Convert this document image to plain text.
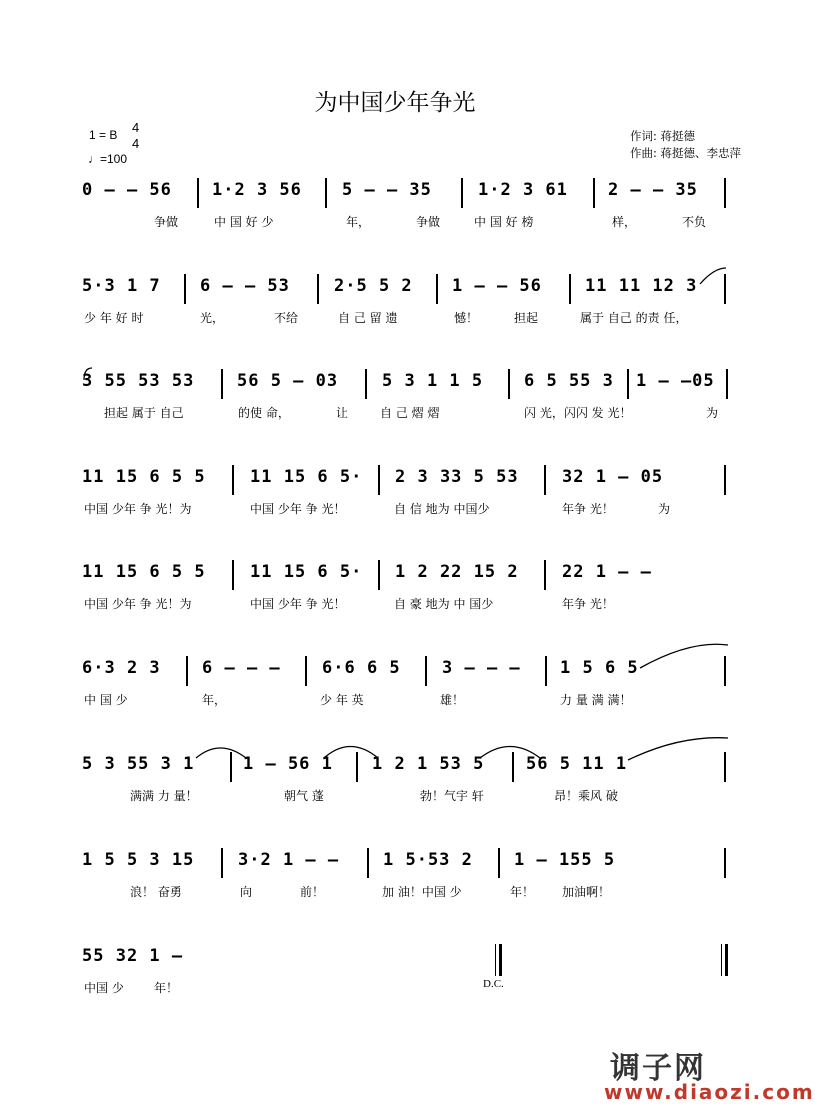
为中国少年争光
1 = B 4
4
♩=100
作词: 蒋挺德
作曲: 蒋挺德、李忠萍
0 – – 56 1·2 3 56 5 – – 35	1·2 3 61 2 – – 35
争做	中 国 好 少	年，	争做	中 国 好 榜	样，	不负
5·3 1 7 6 – – 53	2·5 5 2 1 – – 56	11 11 12 3
少 年 好 时	光，	不给	自 己 留 遗	憾！	担起	属于 自己 的责 任，
3 55 53 53	56 5 – 03	5 3 1 1 5 6 5 55 3 1 – –05
担起 属于 自己	的使 命，	让	自 己 熠 熠	闪 光，闪闪 发 光！	为
11 15 6 5 5	11 15 6 5· 2 3 33 5 53	32 1 – 05
中国 少年 争 光！为	中国 少年 争 光！	自 信 地为 中国少	年争 光！	为
11 15 6 5 5	11 15 6 5· 1 2 22 15 2	22 1 – –
中国 少年 争 光！为	中国 少年 争 光！	自 豪 地为 中 国少	年争 光！
6·3 2 3 6 – – – 6·6 6 5 3 – – – 1 5 6 5
中 国 少	年，	少 年 英	雄！	力 量 满 满！
5 3 55 3 1	1 – 56 1 1 2 1 53 5 56 5 11 1
满满 力 量！	朝气 蓬	勃！气宇 轩	昂！乘风 破
1 5 5 3 15	3·2 1 – –	1 5·53 2 1 – 155 5
浪！ 奋勇	向	前！	加 油！中国 少	年！ 加油啊！
55 32 1 –
中国 少	年！	D.C.
调子网
www.diaozi.com
